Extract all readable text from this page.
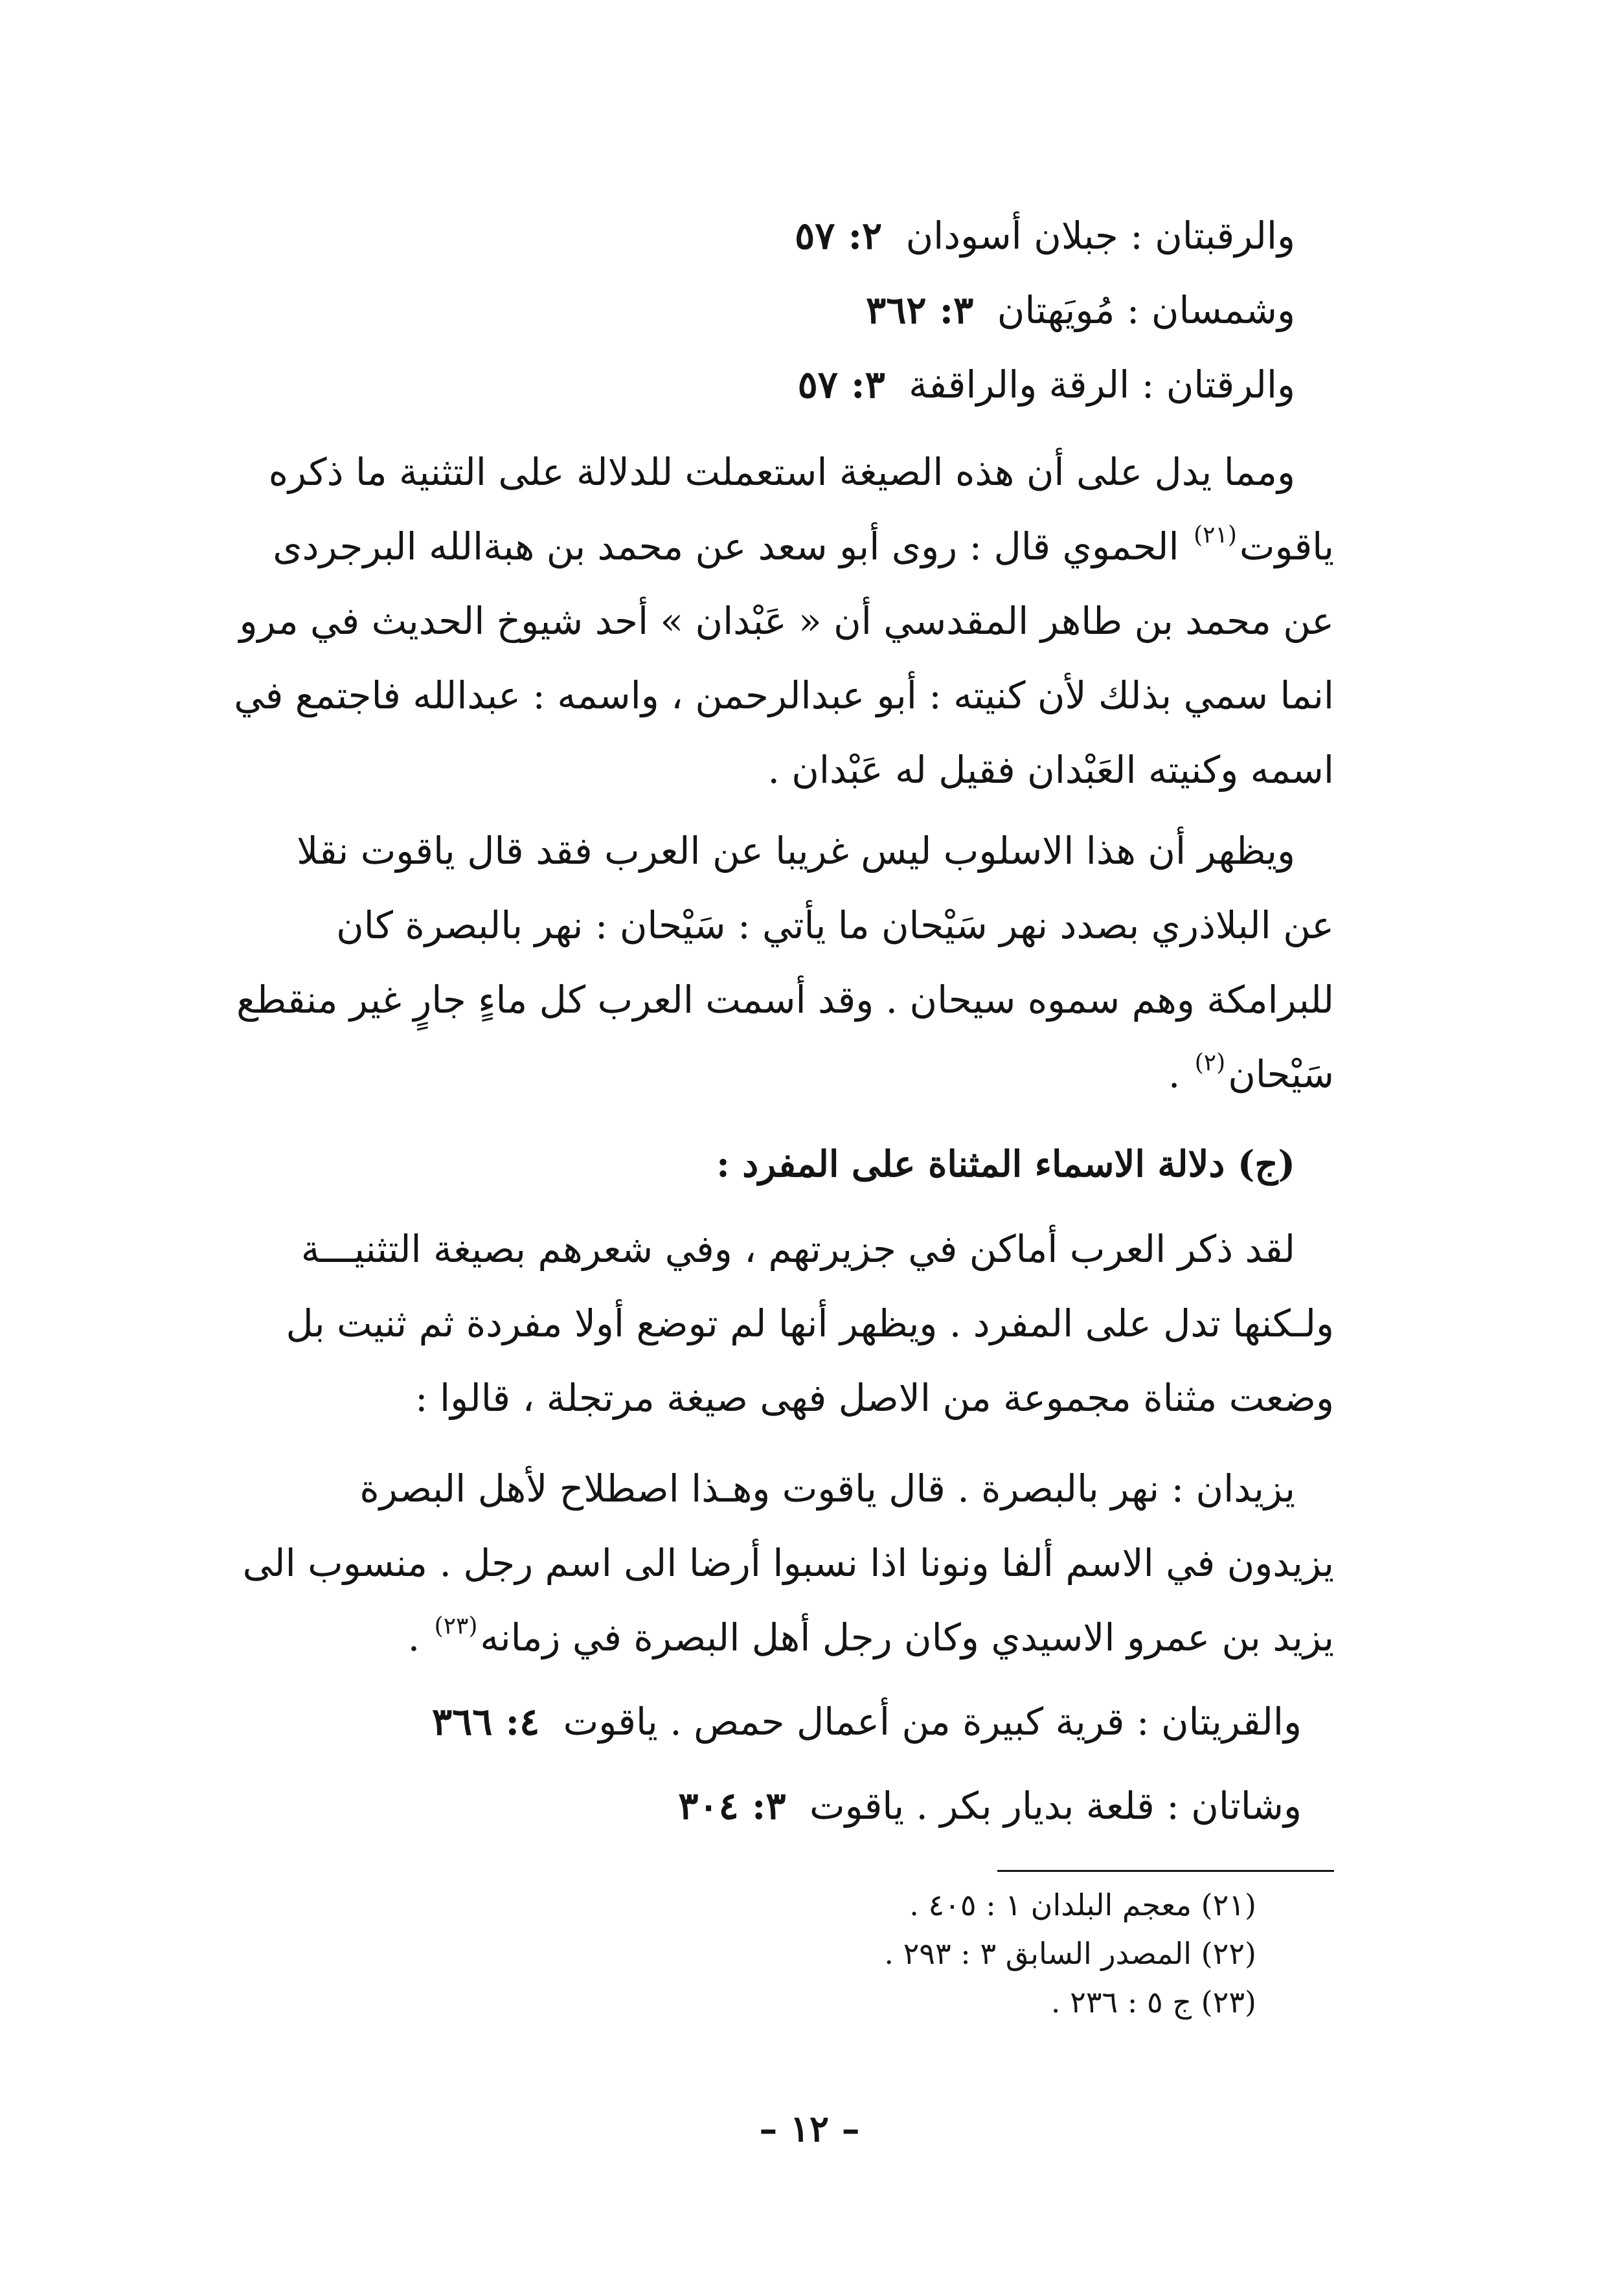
والرقبتان : جبلان أسودان ٢: ٥٧
وشمسان : مُويَهتان ٣: ٣٦٢
والرقتان : الرقة والراقفة ٣: ٥٧
ومما يدل على أن هذه الصيغة استعملت للدلالة على التثنية ما ذكره
ياقوت$^{(٢١)}$ الحموي قال : روى أبو سعد عن محمد بن هبةالله البرجردى
عن محمد بن طاهر المقدسي أن « عَبْدان » أحد شيوخ الحديث في مرو
انما سمي بذلك لأن كنيته : أبو عبدالرحمن ، واسمه : عبدالله فاجتمع في
اسمه وكنيته العَبْدان فقيل له عَبْدان .
ويظهر أن هذا الاسلوب ليس غريبا عن العرب فقد قال ياقوت نقلا
عن البلاذري بصدد نهر سَيْحان ما يأتي : سَيْحان : نهر بالبصرة كان
للبرامكة وهم سموه سيحان . وقد أسمت العرب كل ماءٍ جارٍ غير منقطع
سَيْحان$^{(٢)}$ .
(ج) دلالة الاسماء المثناة على المفرد :
لقد ذكر العرب أماكن في جزيرتهم ، وفي شعرهم بصيغة التثنيـــة
ولـكنها تدل على المفرد . ويظهر أنها لم توضع أولا مفردة ثم ثنيت بل
وضعت مثناة مجموعة من الاصل فهى صيغة مرتجلة ، قالوا :
يزيدان : نهر بالبصرة . قال ياقوت وهـذا اصطلاح لأهل البصرة
يزيدون في الاسم ألفا ونونا اذا نسبوا أرضا الى اسم رجل . منسوب الى
يزيد بن عمرو الاسيدي وكان رجل أهل البصرة في زمانه$^{(٢٣)}$ .
والقريتان : قرية كبيرة من أعمال حمص . ياقوت ٤: ٣٦٦
وشاتان : قلعة بديار بكر . ياقوت ٣: ٣٠٤
(٢١) معجم البلدان ١ : ٤٠٥ .
(٢٢) المصدر السابق ٣ : ٢٩٣ .
(٢٣) ج ٥ : ٢٣٦ .
– ١٢ –
